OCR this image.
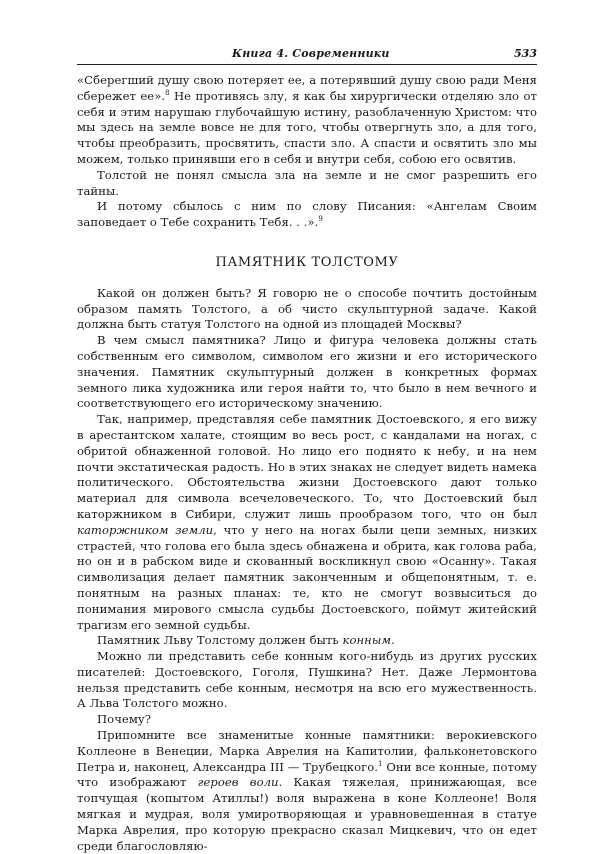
Книга 4. Современники	533

«Сберегший душу свою потеряет ее, а потерявший душу свою ради Меня сбережет ее».$^8$ Не противясь злу, я как бы хирургически отделяю зло от себя и этим нарушаю глубочайшую истину, разоблаченную Христом: что мы здесь на земле вовсе не для того, чтобы отвергнуть зло, а для того, чтобы преобразить, просвятить, спасти зло. А спасти и освятить зло мы можем, только принявши его в себя и внутри себя, собою его освятив.

Толстой не понял смысла зла на земле и не смог разрешить его тайны.

И потому сбылось с ним по слову Писания: «Ангелам Своим заповедает о Тебе сохранить Тебя. . .».$^9$

ПАМЯТНИК ТОЛСТОМУ

Какой он должен быть? Я говорю не о способе почтить достойным образом память Толстого, а об чисто скульптурной задаче. Какой должна быть статуя Толстого на одной из площадей Москвы?

В чем смысл памятника? Лицо и фигура человека должны стать собственным его символом, символом его жизни и его исторического значения. Памятник скульптурный должен в конкретных формах земного лика художника или героя найти то, что было в нем вечного и соответствующего его историческому значению.

Так, например, представляя себе памятник Достоевского, я его вижу в арестантском халате, стоящим во весь рост, с кандалами на ногах, с обритой обнаженной головой. Но лицо его поднято к небу, и на нем почти экстатическая радость. Но в этих знаках не следует видеть намека политического. Обстоятельства жизни Достоевского дают только материал для символа всечеловеческого. То, что Достоевский был каторжником в Сибири, служит лишь прообразом того, что он был каторжником земли, что у него на ногах были цепи земных, низких страстей, что голова его была здесь обнажена и обрита, как голова раба, но он и в рабском виде и скованный воскликнул свою «Осанну». Такая символизация делает памятник законченным и общепонятным, т. е. понятным на разных планах: те, кто не смогут возвыситься до понимания мирового смысла судьбы Достоевского, поймут житейский трагизм его земной судьбы.

Памятник Льву Толстому должен быть конным.

Можно ли представить себе конным кого-нибудь из других русских писателей: Достоевского, Гоголя, Пушкина? Нет. Даже Лермонтова нельзя представить себе конным, несмотря на всю его мужественность. А Льва Толстого можно.

Почему?

Припомните все знаменитые конные памятники: верокиевского Коллеоне в Венеции, Марка Аврелия на Капитолии, фальконетовского Петра и, наконец, Александра III — Трубецкого.$^1$ Они все конные, потому что изображают героев воли. Какая тяжелая, принижающая, все топчущая (копытом Атиллы!) воля выражена в коне Коллеоне! Воля мягкая и мудрая, воля умиротворяющая и уравновешенная в статуе Марка Аврелия, про которую прекрасно сказал Мицкевич, что он едет среди благословляю-
